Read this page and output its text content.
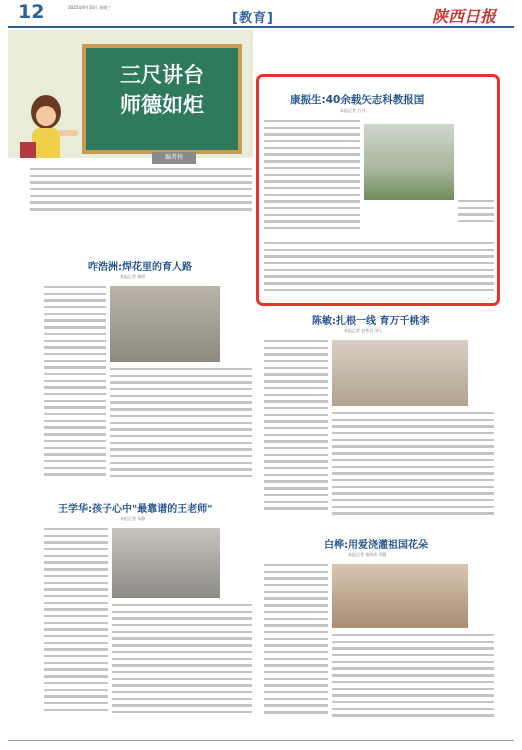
12	2025年9月10日 星期三
[教育]	陕西日报
三尺讲台
师德如炬
编者按
康振生:40余载矢志科教报国
本报记者 月月
咋浩洲:焊花里的育人路
本报记者 谢妍
陈敏:扎根一线 育万千桃李
本报记者 赵伟君 刘入
王学华:孩子心中"最靠谱的王老师"
本报记者 邓静
白桦:用爱浇灌祖国花朵
本报记者 杨欣欣 邓静
